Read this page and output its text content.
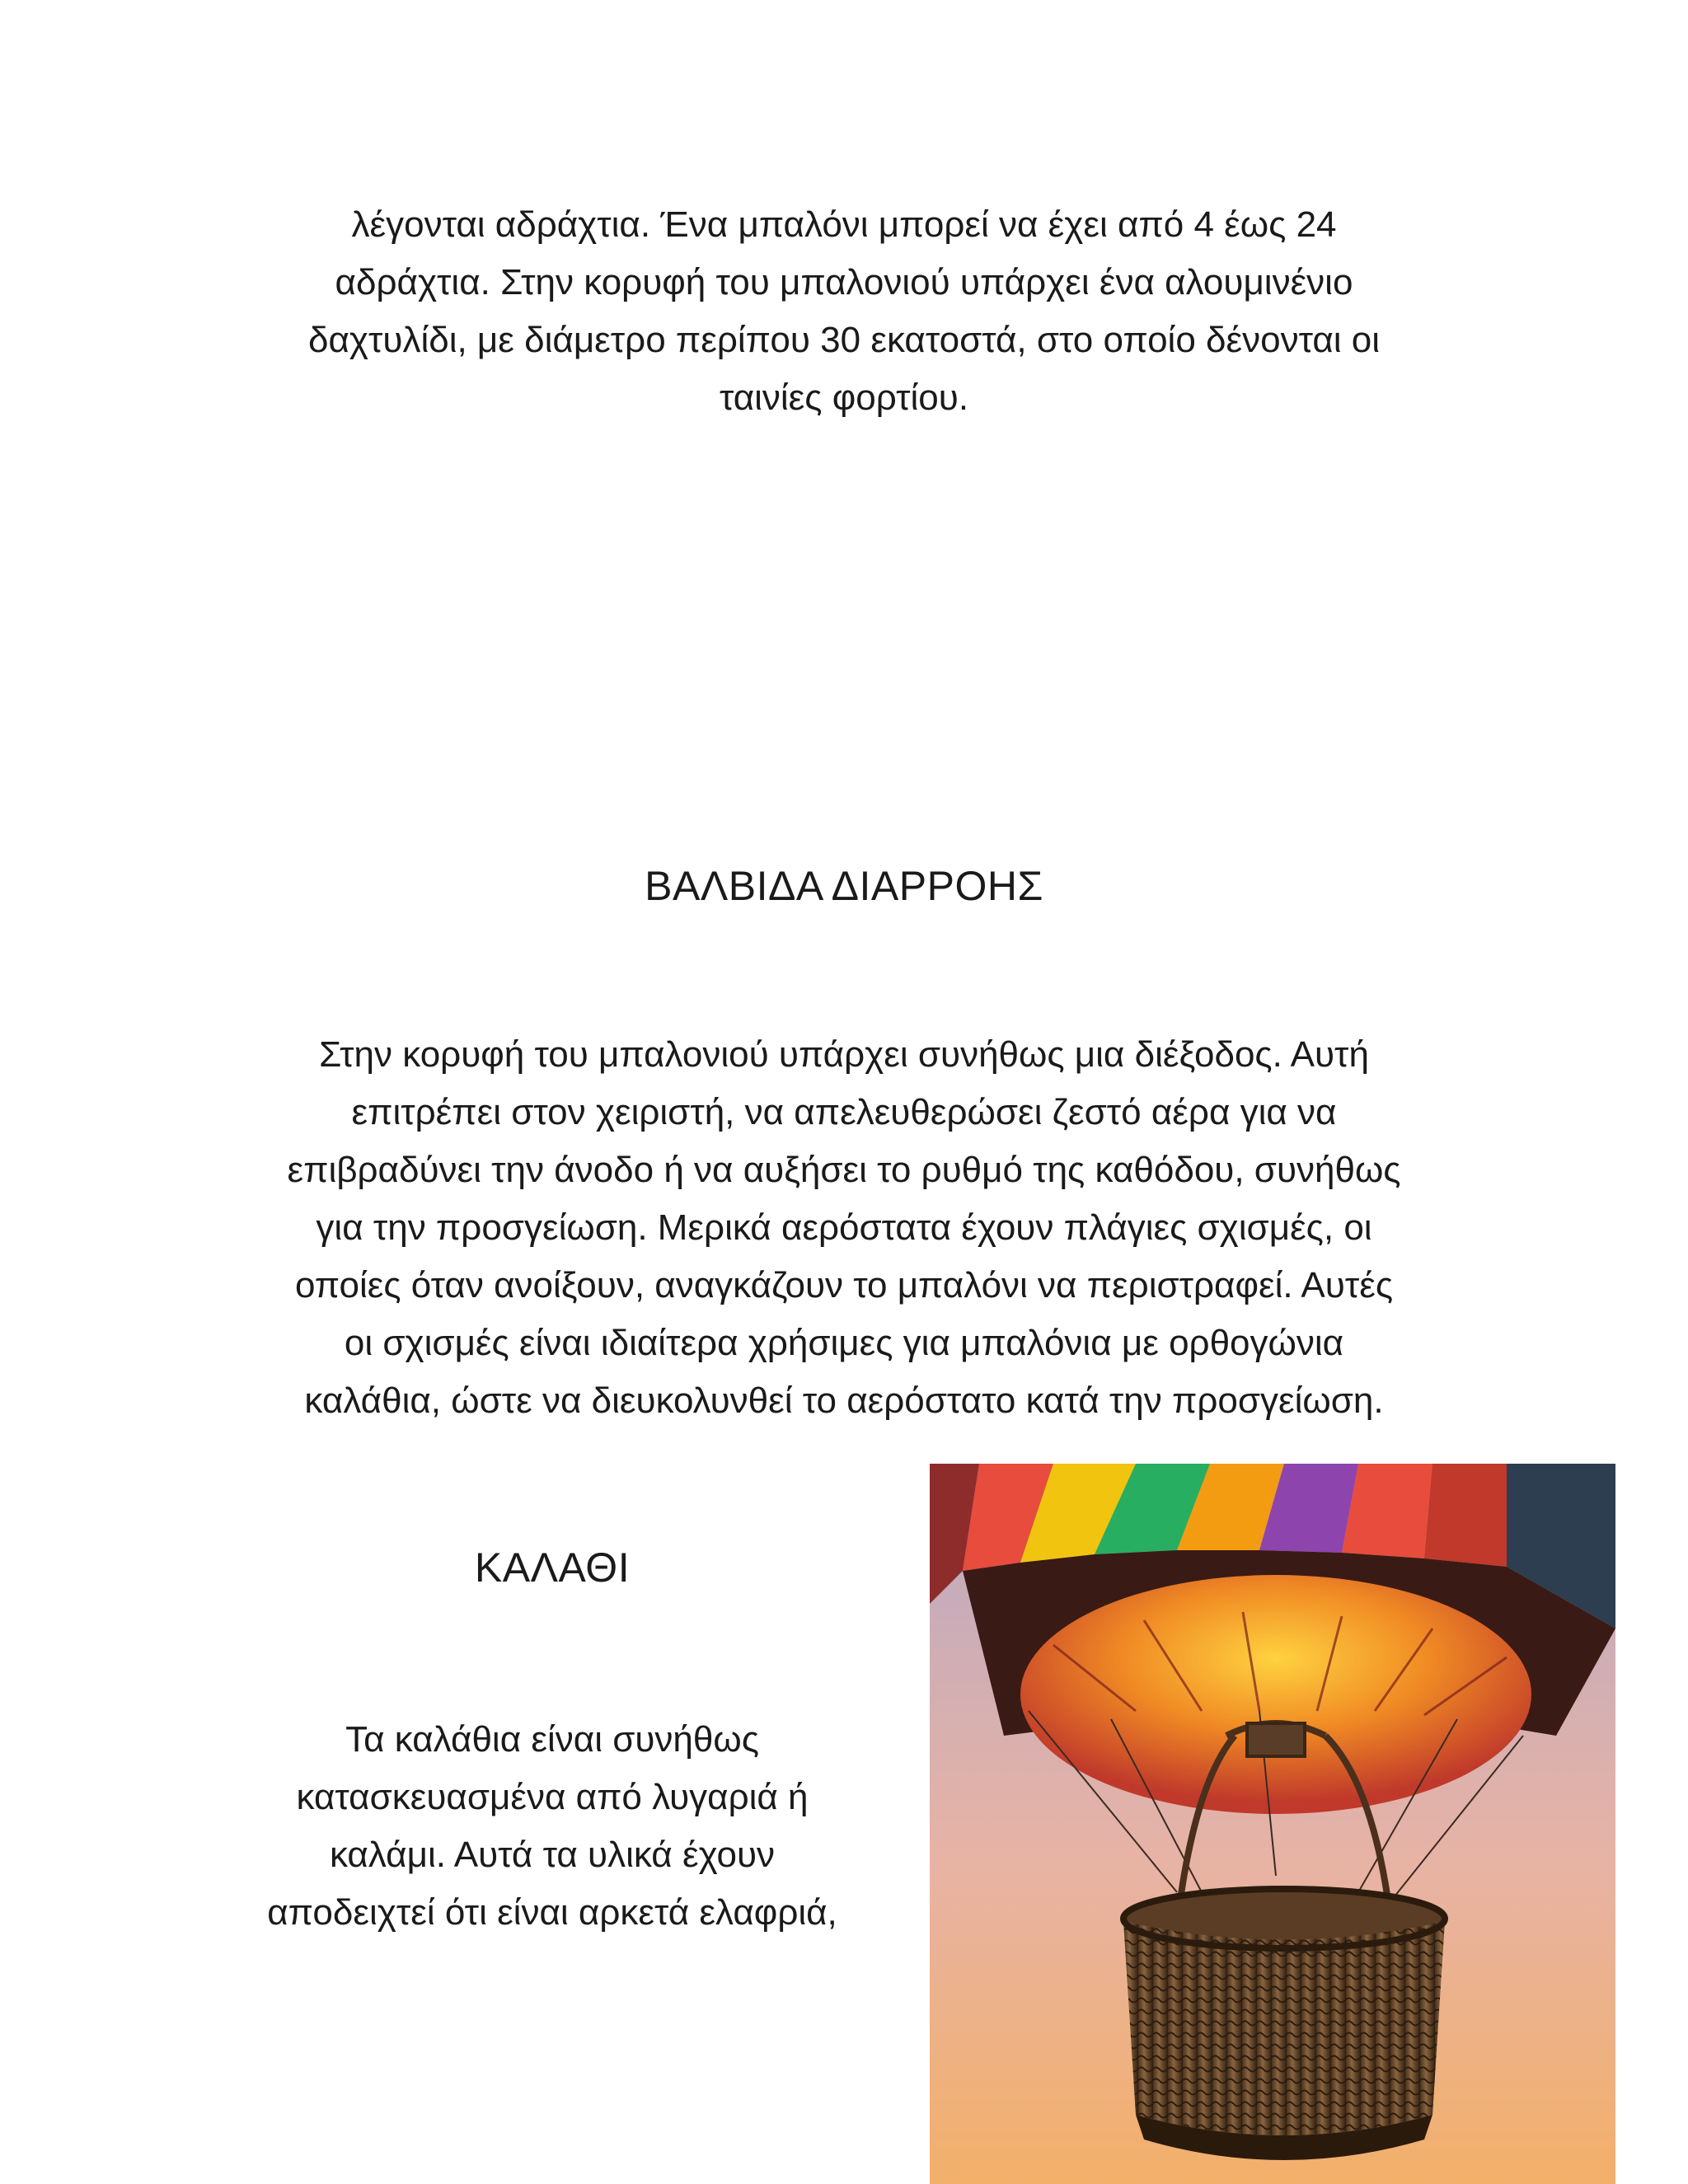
λέγονται αδράχτια. Ένα μπαλόνι μπορεί να έχει από 4 έως 24
αδράχτια. Στην κορυφή του μπαλονιού υπάρχει ένα αλουμινένιο
δαχτυλίδι, με διάμετρο περίπου 30 εκατοστά, στο οποίο δένονται οι
ταινίες φορτίου.
ΒΑΛΒΙΔΑ ΔΙΑΡΡΟΗΣ
Στην κορυφή του μπαλονιού υπάρχει συνήθως μια διέξοδος. Αυτή
επιτρέπει στον χειριστή, να απελευθερώσει ζεστό αέρα για να
επιβραδύνει την άνοδο ή να αυξήσει το ρυθμό της καθόδου, συνήθως
για την προσγείωση. Μερικά αερόστατα έχουν πλάγιες σχισμές, οι
οποίες όταν ανοίξουν, αναγκάζουν το μπαλόνι να περιστραφεί. Αυτές
οι σχισμές είναι ιδιαίτερα χρήσιμες για μπαλόνια με ορθογώνια
καλάθια, ώστε να διευκολυνθεί το αερόστατο κατά την προσγείωση.
ΚΑΛΑΘΙ
Τα καλάθια είναι συνήθως
κατασκευασμένα από λυγαριά ή
καλάμι. Αυτά τα υλικά έχουν
αποδειχτεί ότι είναι αρκετά ελαφριά,
